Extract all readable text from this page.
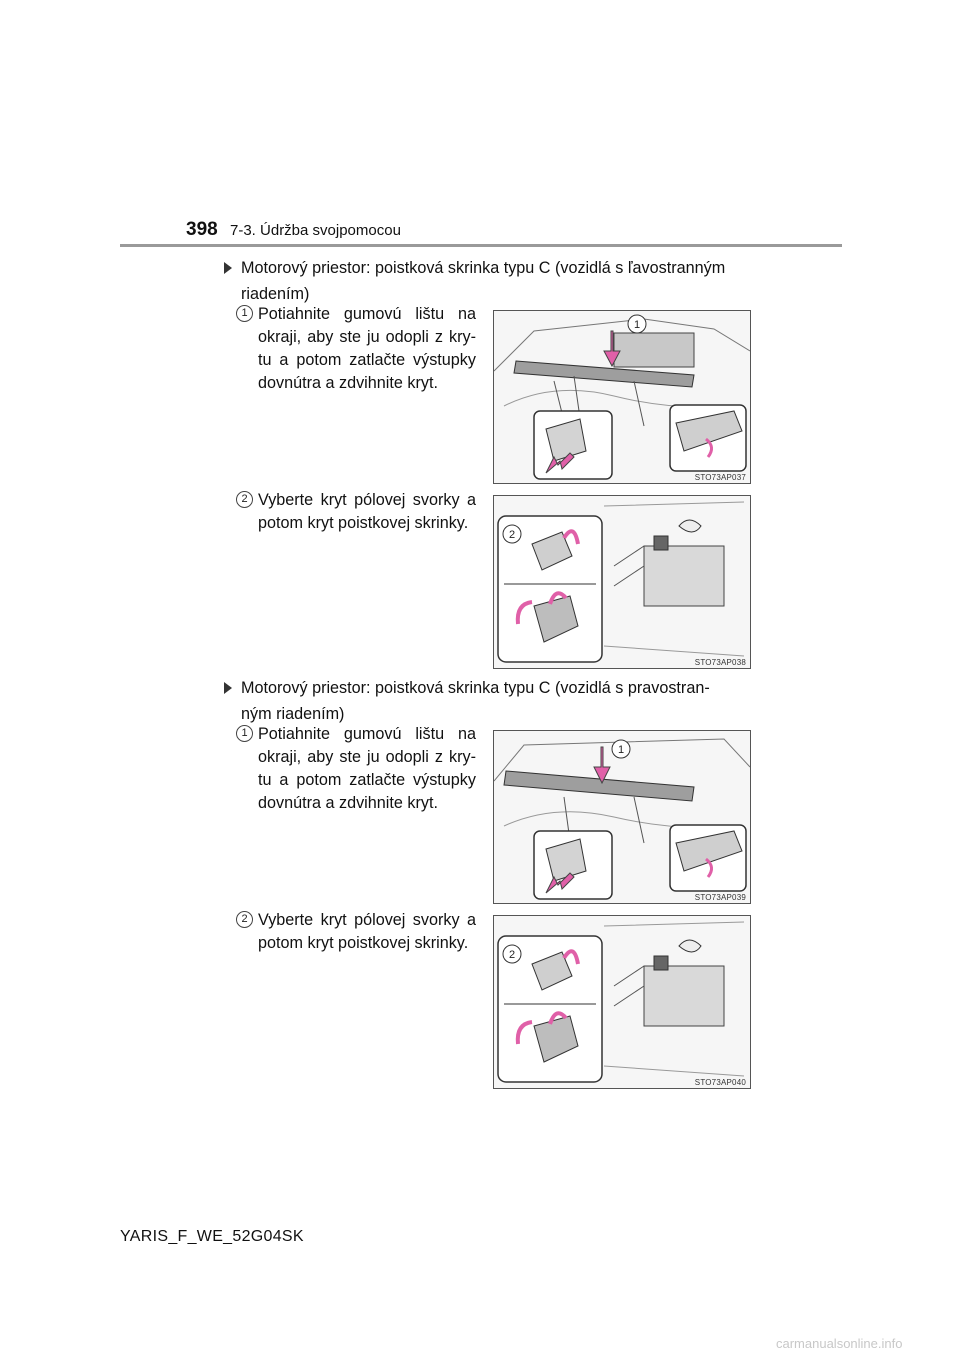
398 7-3. Údržba svojpomocou
Motorový priestor: poistková skrinka typu C (vozidlá s ľavostranným
riadením)
1 Potiahnite gumovú lištu na okraji, aby ste ju odopli z kry-tu a potom zatlačte výstupky dovnútra a zdvihnite kryt.
1
STO73AP037
2 Vyberte kryt pólovej svorky a potom kryt poistkovej skrinky.
2
STO73AP038
Motorový priestor: poistková skrinka typu C (vozidlá s pravostran-
ným riadením)
1 Potiahnite gumovú lištu na okraji, aby ste ju odopli z kry-tu a potom zatlačte výstupky dovnútra a zdvihnite kryt.
1
STO73AP039
2 Vyberte kryt pólovej svorky a potom kryt poistkovej skrinky.
2
STO73AP040
YARIS_F_WE_52G04SK
carmanualsonline.info
